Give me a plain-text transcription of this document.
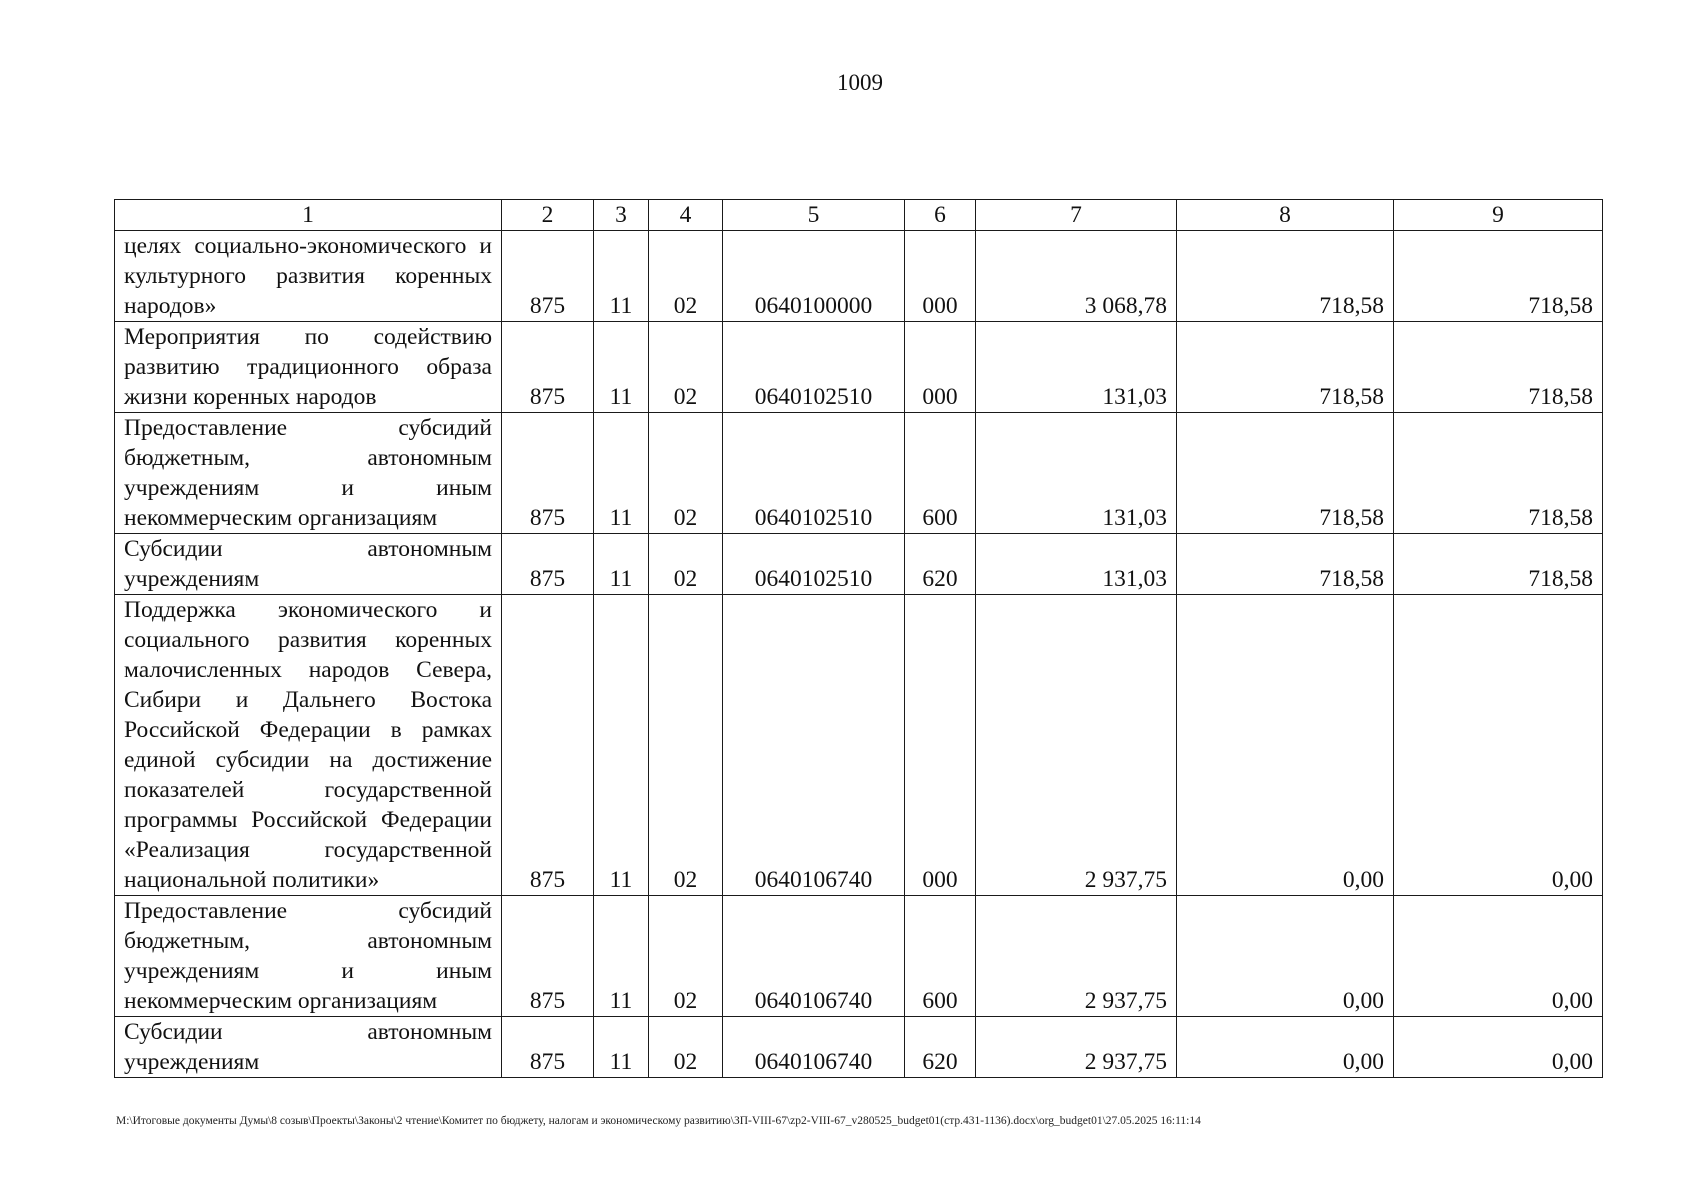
1009
1	2	3	4	5	6	7	8	9
целях социально-экономического и культурного развития коренных народов»	875	11	02	0640100000	000	3 068,78	718,58	718,58
Мероприятия по содействию развитию традиционного образа жизни коренных народов	875	11	02	0640102510	000	131,03	718,58	718,58
Предоставление субсидий бюджетным, автономным учреждениям и иным некоммерческим организациям	875	11	02	0640102510	600	131,03	718,58	718,58
Субсидии автономным учреждениям	875	11	02	0640102510	620	131,03	718,58	718,58
Поддержка экономического и социального развития коренных малочисленных народов Севера, Сибири и Дальнего Востока Российской Федерации в рамках единой субсидии на достижение показателей государственной программы Российской Федерации «Реализация государственной национальной политики»	875	11	02	0640106740	000	2 937,75	0,00	0,00
Предоставление субсидий бюджетным, автономным учреждениям и иным некоммерческим организациям	875	11	02	0640106740	600	2 937,75	0,00	0,00
Субсидии автономным учреждениям	875	11	02	0640106740	620	2 937,75	0,00	0,00
M:\Итоговые документы Думы\8 созыв\Проекты\Законы\2 чтение\Комитет по бюджету, налогам и экономическому развитию\ЗП-VIII-67\zp2-VIII-67_v280525_budget01(стр.431-1136).docx\org_budget01\27.05.2025 16:11:14
